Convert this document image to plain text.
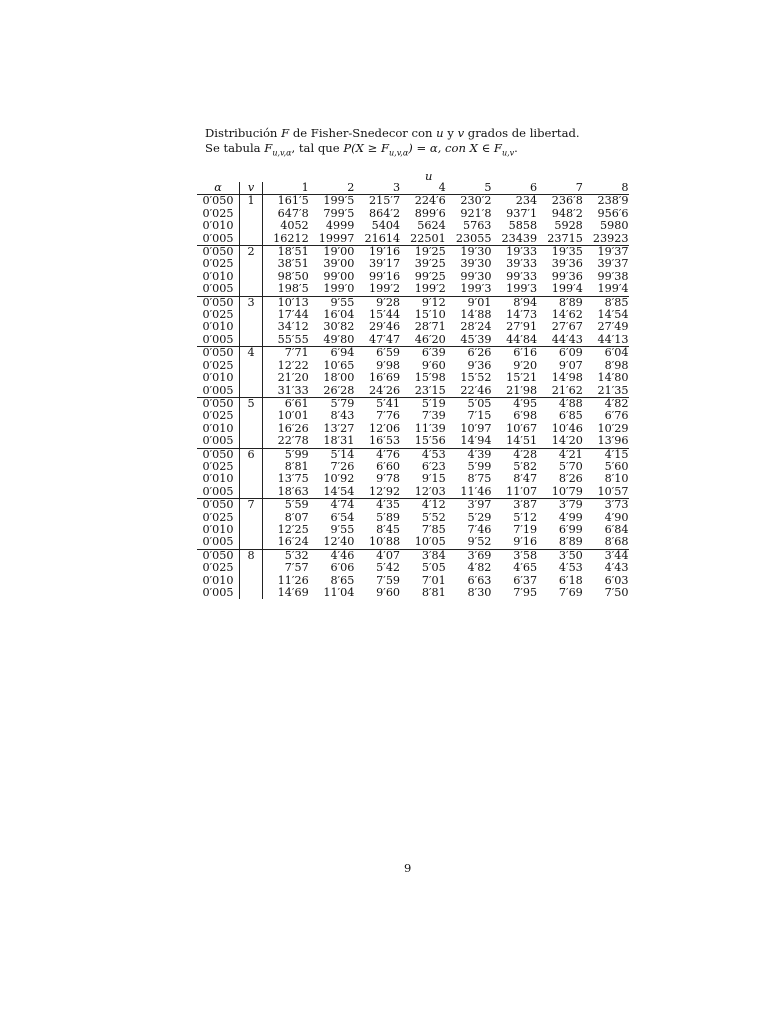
Distribución F de Fisher-Snedecor con u y v grados de libertad.
Se tabula $F_{u,v,\alpha}$, tal que $P(X \ge F_{u,v,\alpha}) = \alpha$, con X ∈ $F_{u,v}$.
u
α	v	1	2	3	4	5	6	7	8
0′050	1	161′5	199′5	215′7	224′6	230′2	234	236′8	238′9
0′025		647′8	799′5	864′2	899′6	921′8	937′1	948′2	956′6
0′010		4052	4999	5404	5624	5763	5858	5928	5980
0′005		16212	19997	21614	22501	23055	23439	23715	23923
0′050	2	18′51	19′00	19′16	19′25	19′30	19′33	19′35	19′37
0′025		38′51	39′00	39′17	39′25	39′30	39′33	39′36	39′37
0′010		98′50	99′00	99′16	99′25	99′30	99′33	99′36	99′38
0′005		198′5	199′0	199′2	199′2	199′3	199′3	199′4	199′4
0′050	3	10′13	9′55	9′28	9′12	9′01	8′94	8′89	8′85
0′025		17′44	16′04	15′44	15′10	14′88	14′73	14′62	14′54
0′010		34′12	30′82	29′46	28′71	28′24	27′91	27′67	27′49
0′005		55′55	49′80	47′47	46′20	45′39	44′84	44′43	44′13
0′050	4	7′71	6′94	6′59	6′39	6′26	6′16	6′09	6′04
0′025		12′22	10′65	9′98	9′60	9′36	9′20	9′07	8′98
0′010		21′20	18′00	16′69	15′98	15′52	15′21	14′98	14′80
0′005		31′33	26′28	24′26	23′15	22′46	21′98	21′62	21′35
0′050	5	6′61	5′79	5′41	5′19	5′05	4′95	4′88	4′82
0′025		10′01	8′43	7′76	7′39	7′15	6′98	6′85	6′76
0′010		16′26	13′27	12′06	11′39	10′97	10′67	10′46	10′29
0′005		22′78	18′31	16′53	15′56	14′94	14′51	14′20	13′96
0′050	6	5′99	5′14	4′76	4′53	4′39	4′28	4′21	4′15
0′025		8′81	7′26	6′60	6′23	5′99	5′82	5′70	5′60
0′010		13′75	10′92	9′78	9′15	8′75	8′47	8′26	8′10
0′005		18′63	14′54	12′92	12′03	11′46	11′07	10′79	10′57
0′050	7	5′59	4′74	4′35	4′12	3′97	3′87	3′79	3′73
0′025		8′07	6′54	5′89	5′52	5′29	5′12	4′99	4′90
0′010		12′25	9′55	8′45	7′85	7′46	7′19	6′99	6′84
0′005		16′24	12′40	10′88	10′05	9′52	9′16	8′89	8′68
0′050	8	5′32	4′46	4′07	3′84	3′69	3′58	3′50	3′44
0′025		7′57	6′06	5′42	5′05	4′82	4′65	4′53	4′43
0′010		11′26	8′65	7′59	7′01	6′63	6′37	6′18	6′03
0′005		14′69	11′04	9′60	8′81	8′30	7′95	7′69	7′50
9
